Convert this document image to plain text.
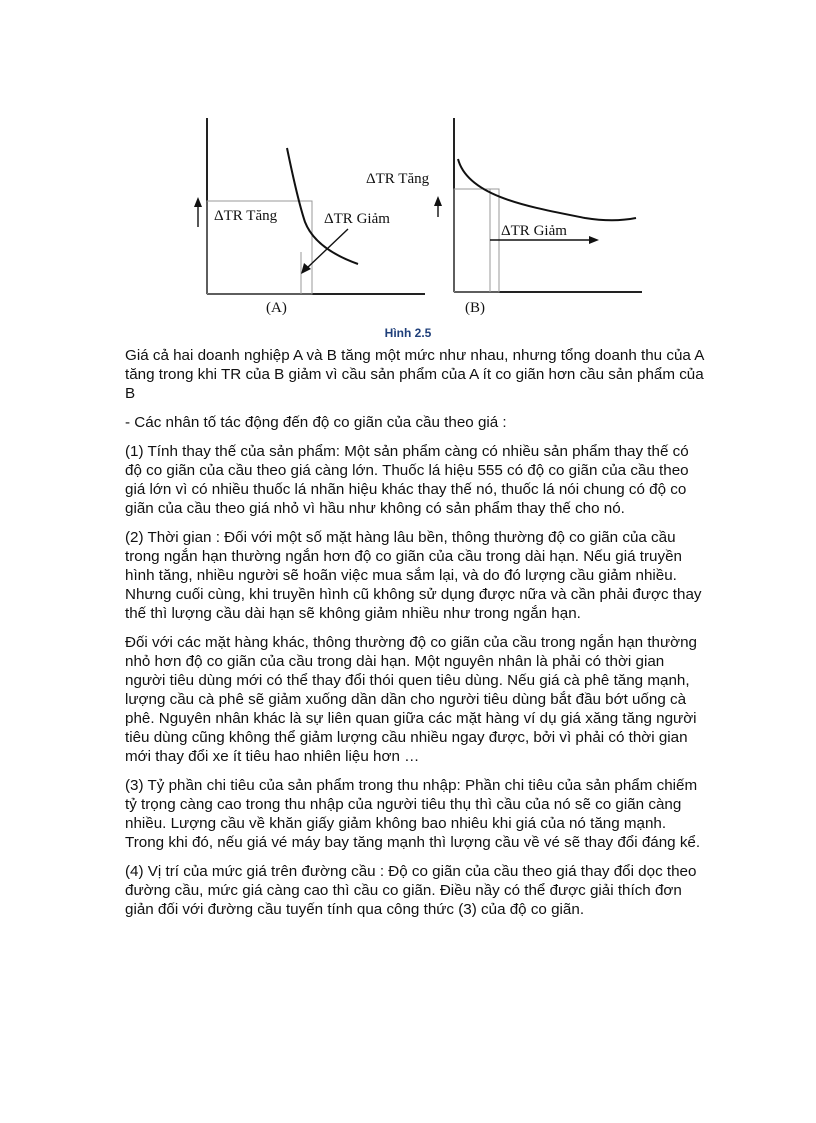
ΔTR Tăng	ΔTR Giảm
(A)
ΔTR Tăng
ΔTR Giảm
(B)
Hình 2.5

Giá cả hai doanh nghiệp A và B tăng một mức như nhau, nhưng tổng doanh thu của A tăng trong khi TR của B giảm vì cầu sản phẩm của A ít co giãn hơn cầu sản phẩm của B

- Các nhân tố tác động đến độ co giãn của cầu theo giá :

(1) Tính thay thế của sản phẩm: Một sản phẩm càng có nhiều sản phẩm thay thế có độ co giãn của cầu theo giá càng lớn. Thuốc lá hiệu 555 có độ co giãn của cầu theo giá lớn vì có nhiều thuốc lá nhãn hiệu khác thay thế nó, thuốc lá nói chung có độ co giãn của cầu theo giá nhỏ vì hầu như không có sản phẩm thay thế cho nó.

(2) Thời gian : Đối với một số mặt hàng lâu bền, thông thường độ co giãn của cầu trong ngắn hạn thường ngắn hơn độ co giãn của cầu trong dài hạn. Nếu giá truyền hình tăng, nhiều người sẽ hoãn việc mua sắm lại, và do đó lượng cầu giảm nhiều. Nhưng cuối cùng, khi truyền hình cũ không sử dụng được nữa và cần phải được thay thế thì lượng cầu dài hạn sẽ không giảm nhiều như trong ngắn hạn.

Đối với các mặt hàng khác, thông thường độ co giãn của cầu trong ngắn hạn thường nhỏ hơn độ co giãn của cầu trong dài hạn. Một nguyên nhân là phải có thời gian người tiêu dùng mới có thể thay đổi thói quen tiêu dùng. Nếu giá cà phê tăng mạnh, lượng cầu cà phê sẽ giảm xuống dần dần cho người tiêu dùng bắt đầu bớt uống cà phê. Nguyên nhân khác là sự liên quan giữa các mặt hàng ví dụ giá xăng tăng người tiêu dùng cũng không thể giảm lượng cầu nhiều ngay được, bởi vì phải có thời gian mới thay đổi xe ít tiêu hao nhiên liệu hơn …

(3) Tỷ phần chi tiêu của sản phẩm trong thu nhập: Phần chi tiêu của sản phẩm chiếm tỷ trọng càng cao trong thu nhập của người tiêu thụ thì cầu của nó sẽ co giãn càng nhiều. Lượng cầu về khăn giấy giảm không bao nhiêu khi giá của nó tăng mạnh. Trong khi đó, nếu giá vé máy bay tăng mạnh thì lượng cầu về vé sẽ thay đổi đáng kể.

(4) Vị trí của mức giá trên đường cầu : Độ co giãn của cầu theo giá thay đổi dọc theo đường cầu, mức giá càng cao thì cầu co giãn. Điều nầy có thể được giải thích đơn giản đối với đường cầu tuyến tính qua công thức (3) của độ co giãn.
